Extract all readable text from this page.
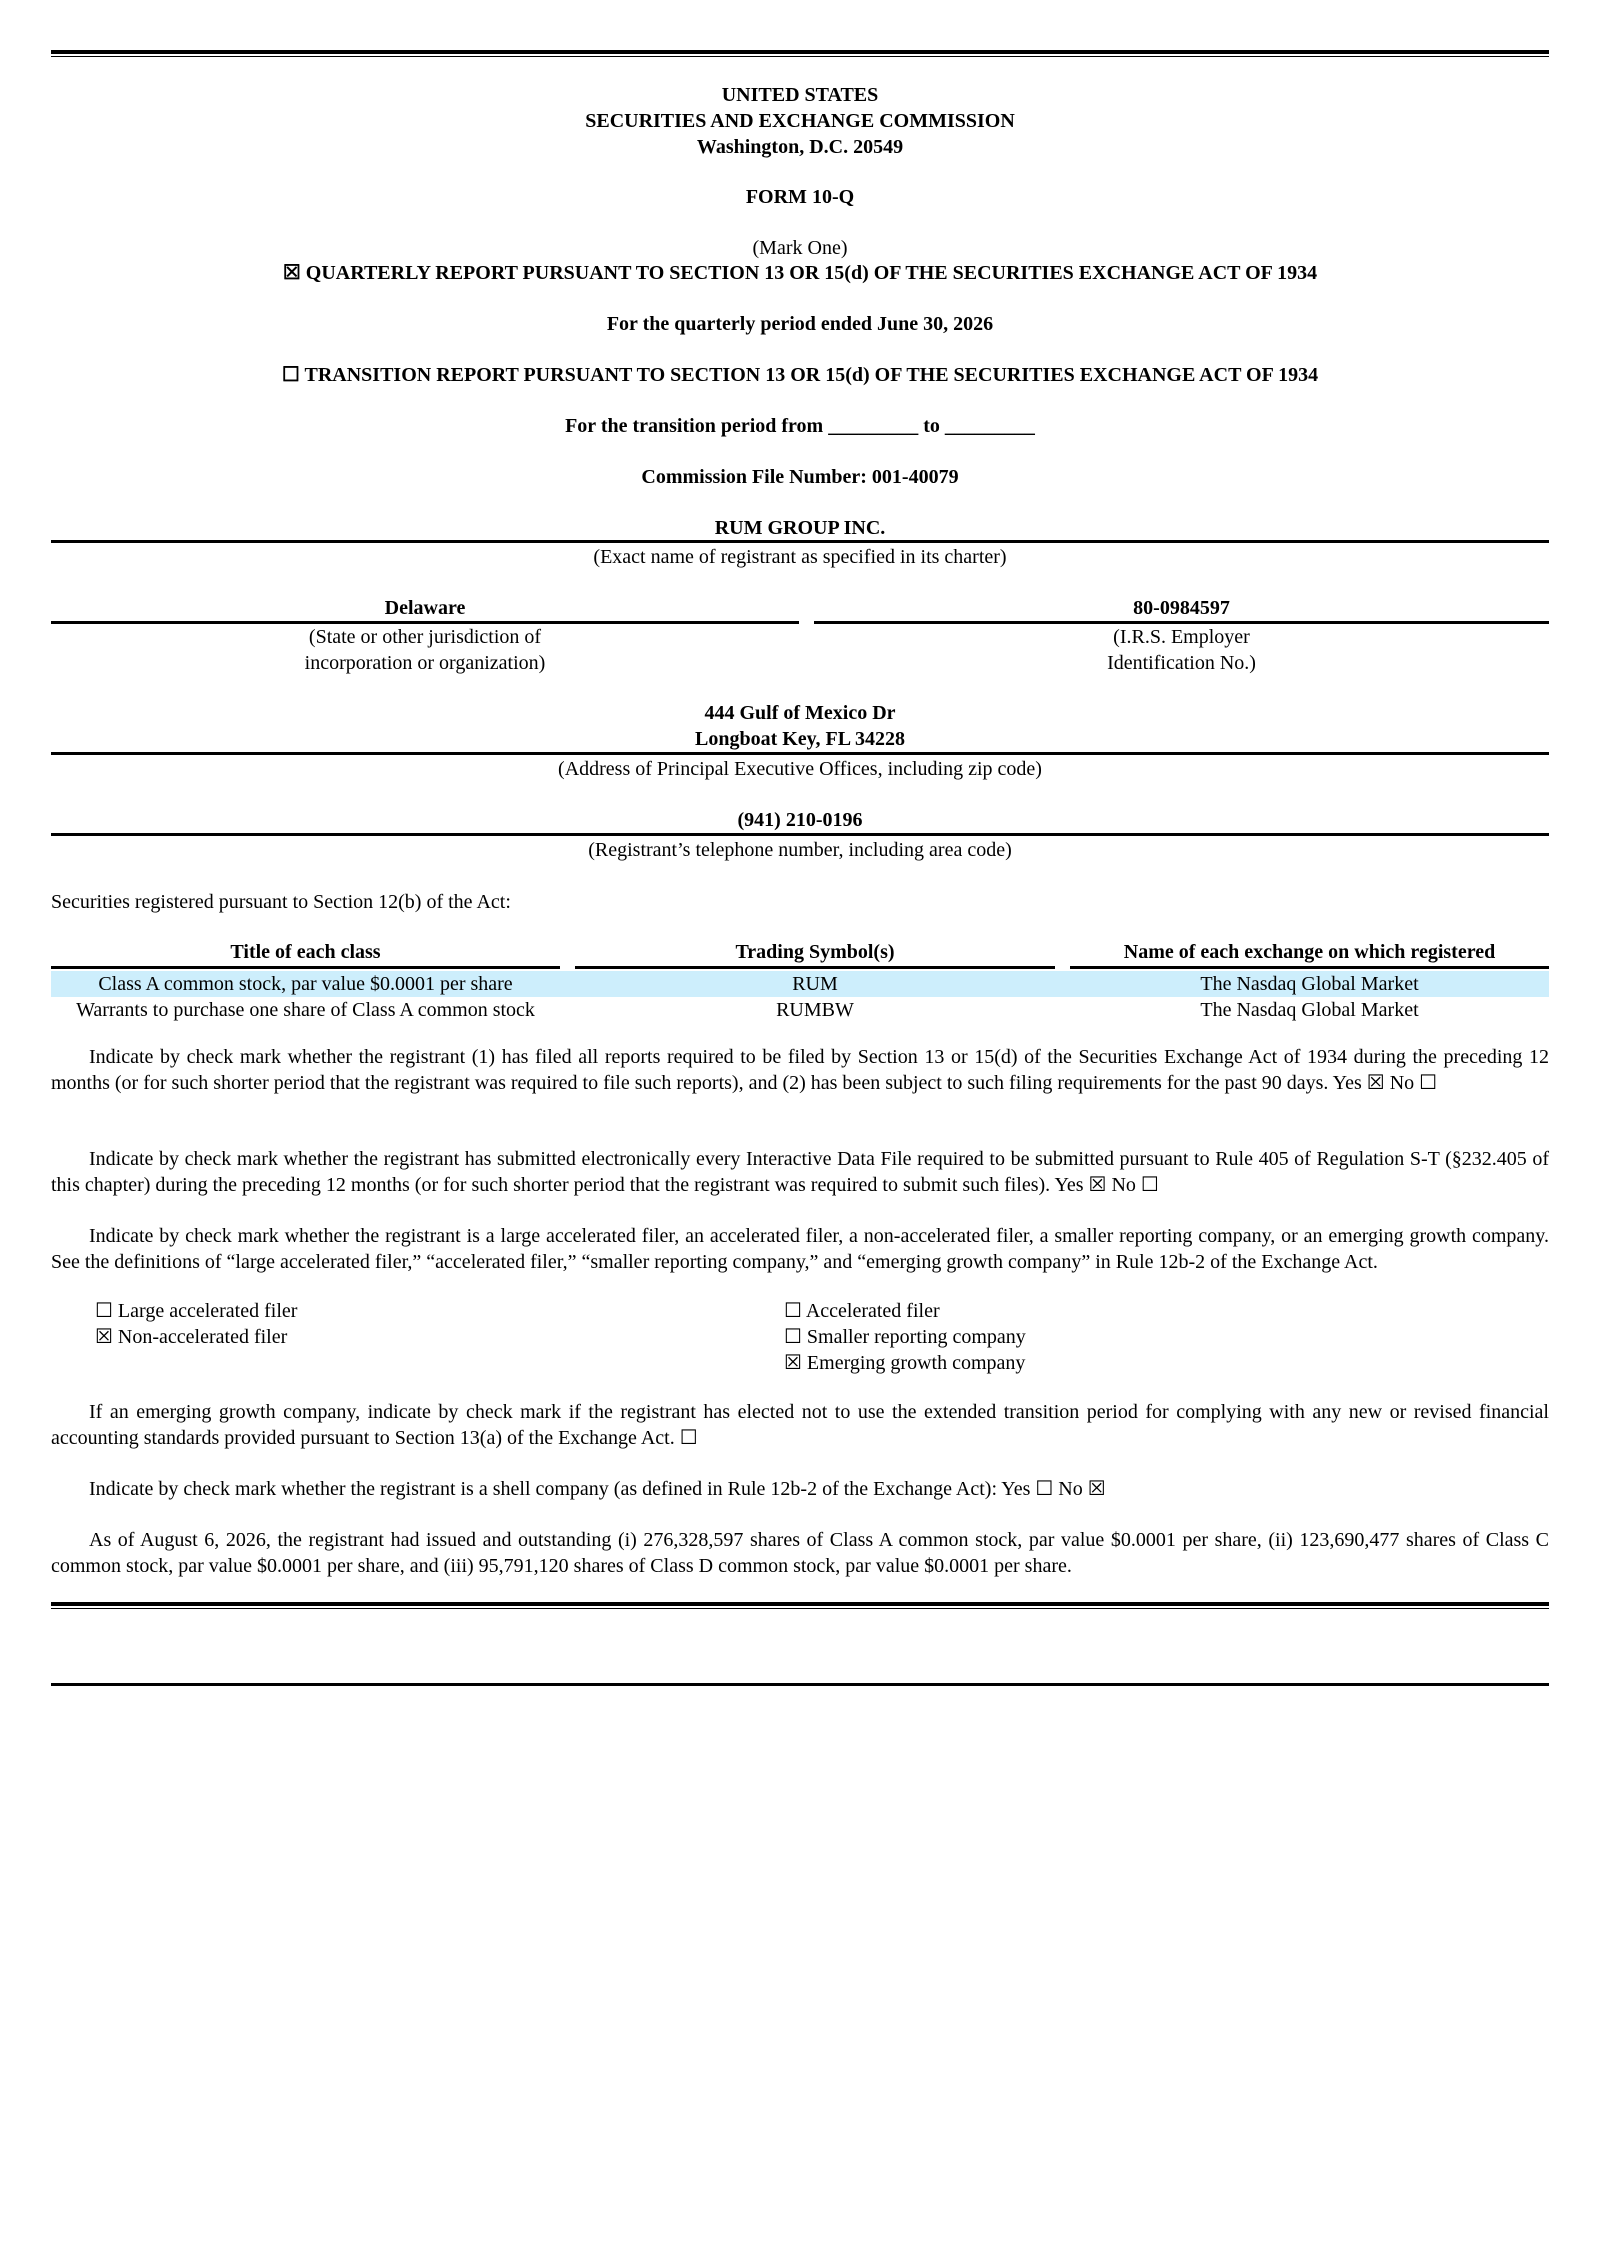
UNITED STATES
SECURITIES AND EXCHANGE COMMISSION
Washington, D.C. 20549
FORM 10-Q
(Mark One)
☒ QUARTERLY REPORT PURSUANT TO SECTION 13 OR 15(d) OF THE SECURITIES EXCHANGE ACT OF 1934
For the quarterly period ended June 30, 2026
☐ TRANSITION REPORT PURSUANT TO SECTION 13 OR 15(d) OF THE SECURITIES EXCHANGE ACT OF 1934
For the transition period from _________ to _________
Commission File Number: 001-40079
RUM GROUP INC.
(Exact name of registrant as specified in its charter)
Delaware
(State or other jurisdiction of
incorporation or organization)
80-0984597
(I.R.S. Employer
Identification No.)
444 Gulf of Mexico Dr
Longboat Key, FL 34228
(Address of Principal Executive Offices, including zip code)
(941) 210-0196
(Registrant’s telephone number, including area code)
Securities registered pursuant to Section 12(b) of the Act:
Title of each class		Trading Symbol(s)		Name of each exchange on which registered

Class A common stock, par value $0.0001 per share		RUM		The Nasdaq Global Market
Warrants to purchase one share of Class A common stock		RUMBW		The Nasdaq Global Market

Indicate by check mark whether the registrant (1) has filed all reports required to be filed by Section 13 or 15(d) of the Securities Exchange Act of 1934 during the preceding 12 months (or for such shorter period that the registrant was required to file such reports), and (2) has been subject to such filing requirements for the past 90 days. Yes ☒ No ☐

Indicate by check mark whether the registrant has submitted electronically every Interactive Data File required to be submitted pursuant to Rule 405 of Regulation S-T (§232.405 of this chapter) during the preceding 12 months (or for such shorter period that the registrant was required to submit such files). Yes ☒ No ☐

Indicate by check mark whether the registrant is a large accelerated filer, an accelerated filer, a non-accelerated filer, a smaller reporting company, or an emerging growth company. See the definitions of “large accelerated filer,” “accelerated filer,” “smaller reporting company,” and “emerging growth company” in Rule 12b-2 of the Exchange Act.

☐ Large accelerated filer
☒ Non-accelerated filer
☐ Accelerated filer
☐ Smaller reporting company
☒ Emerging growth company

If an emerging growth company, indicate by check mark if the registrant has elected not to use the extended transition period for complying with any new or revised financial accounting standards provided pursuant to Section 13(a) of the Exchange Act. ☐

Indicate by check mark whether the registrant is a shell company (as defined in Rule 12b-2 of the Exchange Act): Yes ☐ No ☒

As of August 6, 2026, the registrant had issued and outstanding (i) 276,328,597 shares of Class A common stock, par value $0.0001 per share, (ii) 123,690,477 shares of Class C common stock, par value $0.0001 per share, and (iii) 95,791,120 shares of Class D common stock, par value $0.0001 per share.
